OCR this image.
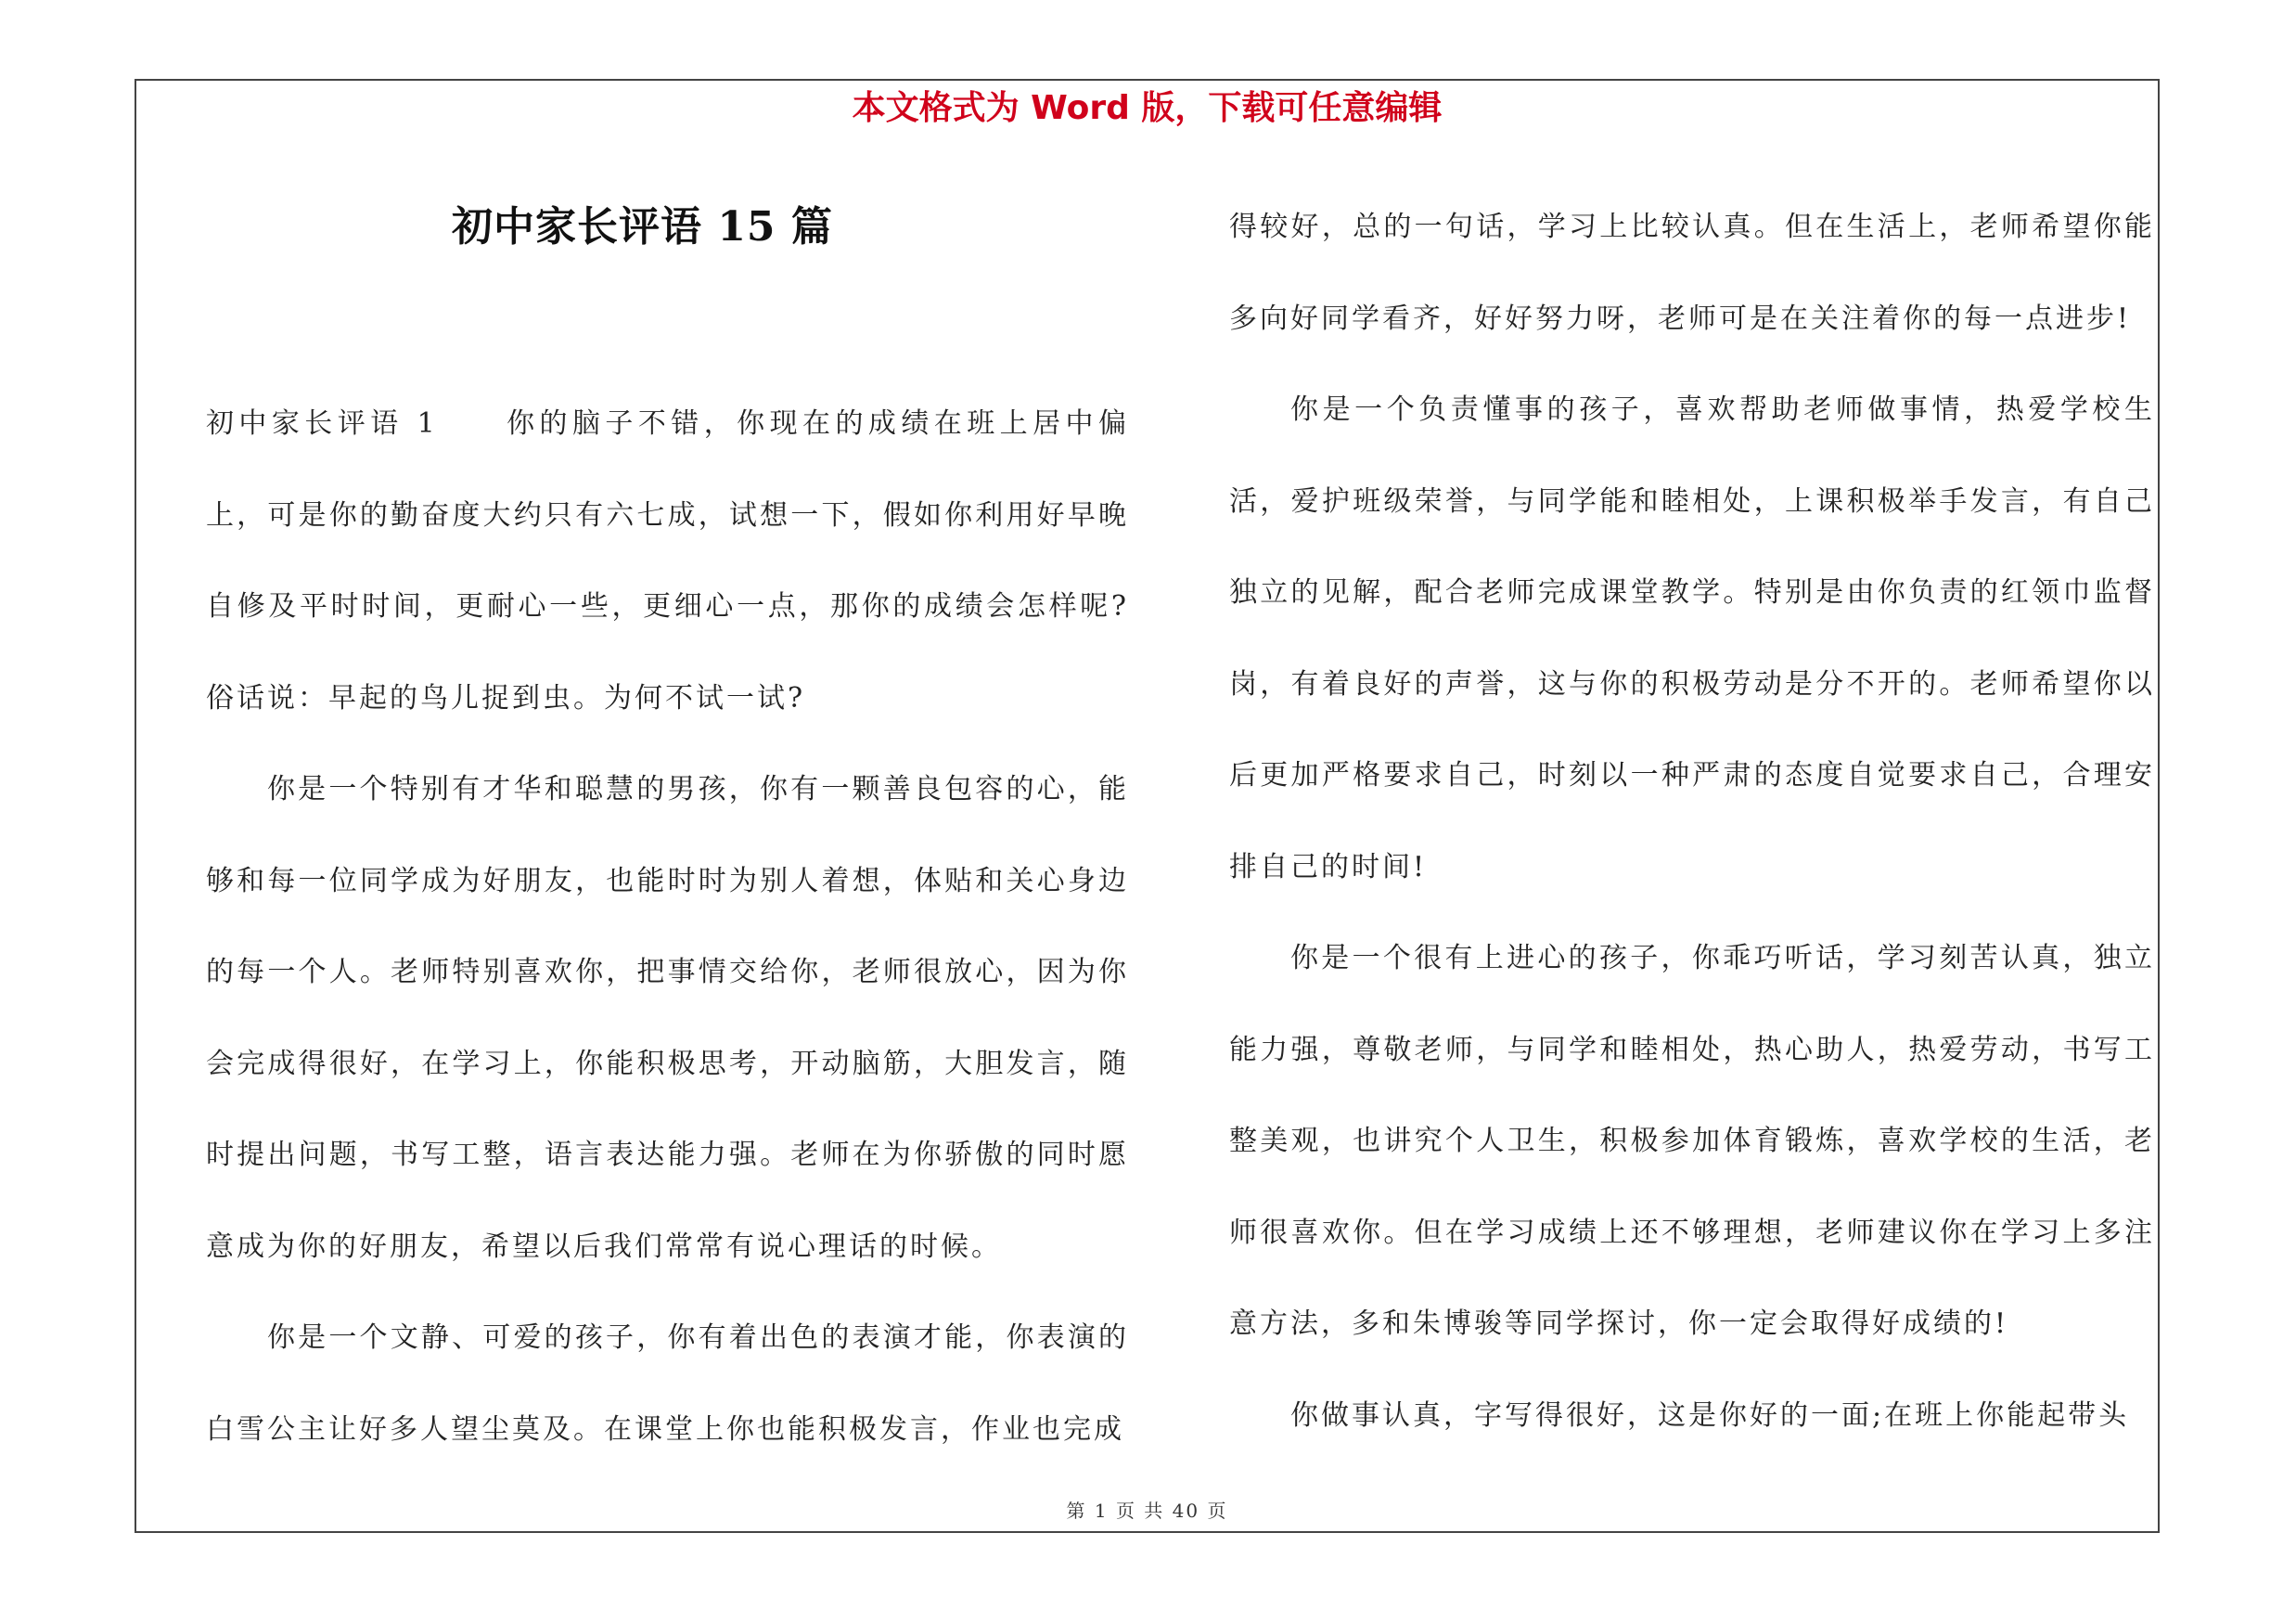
本文格式为 Word 版，下载可任意编辑
初中家长评语 15 篇

初中家长评语 1 你的脑子不错，你现在的成绩在班上居中偏上，可是你的勤奋度大约只有六七成，试想一下，假如你利用好早晚自修及平时时间，更耐心一些，更细心一点，那你的成绩会怎样呢?俗话说：早起的鸟儿捉到虫。为何不试一试?

你是一个特别有才华和聪慧的男孩，你有一颗善良包容的心，能够和每一位同学成为好朋友，也能时时为别人着想，体贴和关心身边的每一个人。老师特别喜欢你，把事情交给你，老师很放心，因为你会完成得很好，在学习上，你能积极思考，开动脑筋，大胆发言，随时提出问题，书写工整，语言表达能力强。老师在为你骄傲的同时愿意成为你的好朋友，希望以后我们常常有说心理话的时候。

你是一个文静、可爱的孩子，你有着出色的表演才能，你表演的白雪公主让好多人望尘莫及。在课堂上你也能积极发言，作业也完成

得较好，总的一句话，学习上比较认真。但在生活上，老师希望你能多向好同学看齐，好好努力呀，老师可是在关注着你的每一点进步!

你是一个负责懂事的孩子，喜欢帮助老师做事情，热爱学校生活，爱护班级荣誉，与同学能和睦相处，上课积极举手发言，有自己独立的见解，配合老师完成课堂教学。特别是由你负责的红领巾监督岗，有着良好的声誉，这与你的积极劳动是分不开的。老师希望你以后更加严格要求自己，时刻以一种严肃的态度自觉要求自己，合理安排自己的时间!

你是一个很有上进心的孩子，你乖巧听话，学习刻苦认真，独立能力强，尊敬老师，与同学和睦相处，热心助人，热爱劳动，书写工整美观，也讲究个人卫生，积极参加体育锻炼，喜欢学校的生活，老师很喜欢你。但在学习成绩上还不够理想，老师建议你在学习上多注意方法，多和朱博骏等同学探讨，你一定会取得好成绩的!

你做事认真，字写得很好，这是你好的一面;在班上你能起带头

第 1 页 共 40 页
